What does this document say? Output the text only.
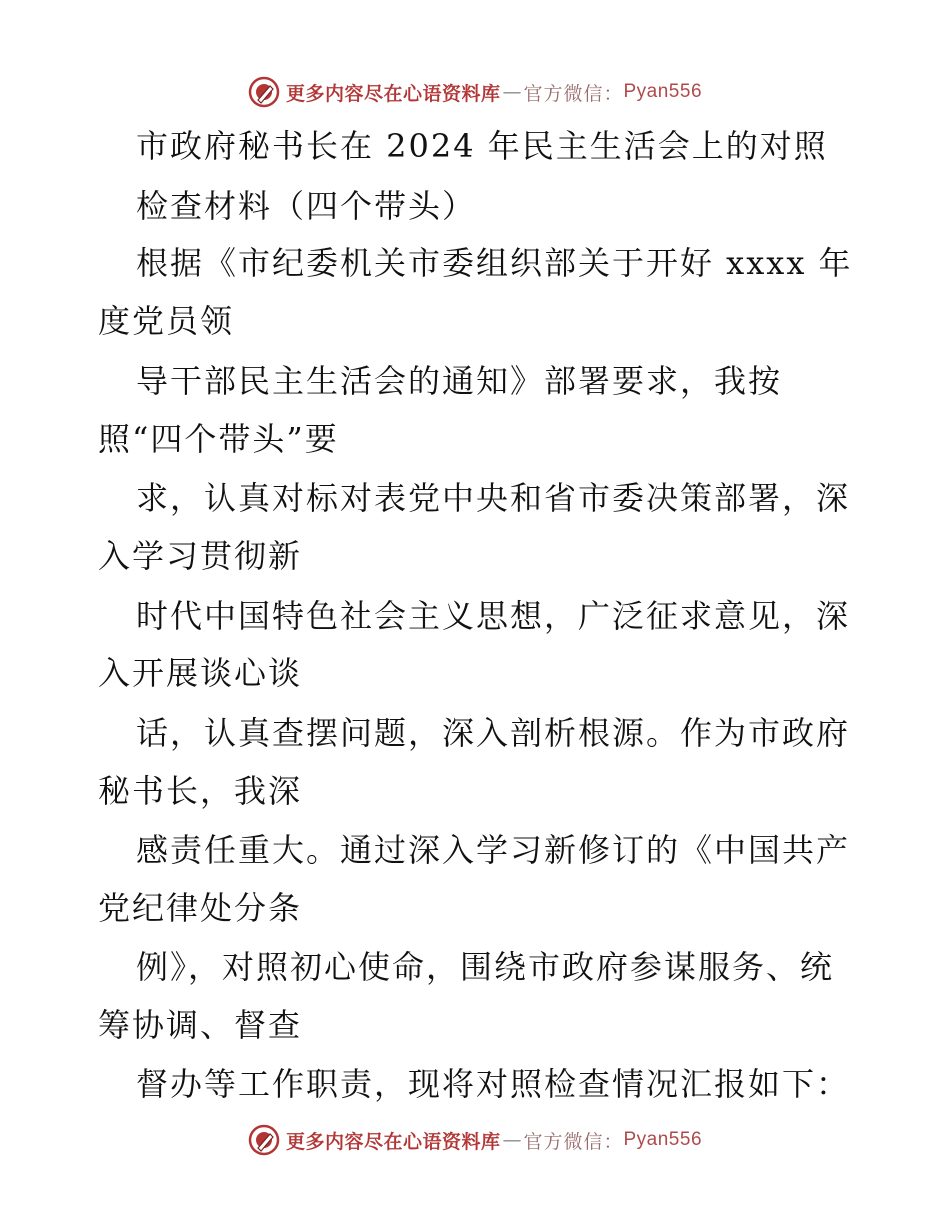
更多内容尽在心语资料库 — 官方微信： Pyan556
市政府秘书长在 2024 年民主生活会上的对照
检查材料（四个带头）
根据《市纪委机关市委组织部关于开好 xxxx 年
度党员领
导干部民主生活会的通知》部署要求，我按
照“四个带头”要
求，认真对标对表党中央和省市委决策部署，深
入学习贯彻新
时代中国特色社会主义思想，广泛征求意见，深
入开展谈心谈
话，认真查摆问题，深入剖析根源。作为市政府
秘书长，我深
感责任重大。通过深入学习新修订的《中国共产
党纪律处分条
例》，对照初心使命，围绕市政府参谋服务、统
筹协调、督查
督办等工作职责，现将对照检查情况汇报如下：
更多内容尽在心语资料库 — 官方微信： Pyan556
